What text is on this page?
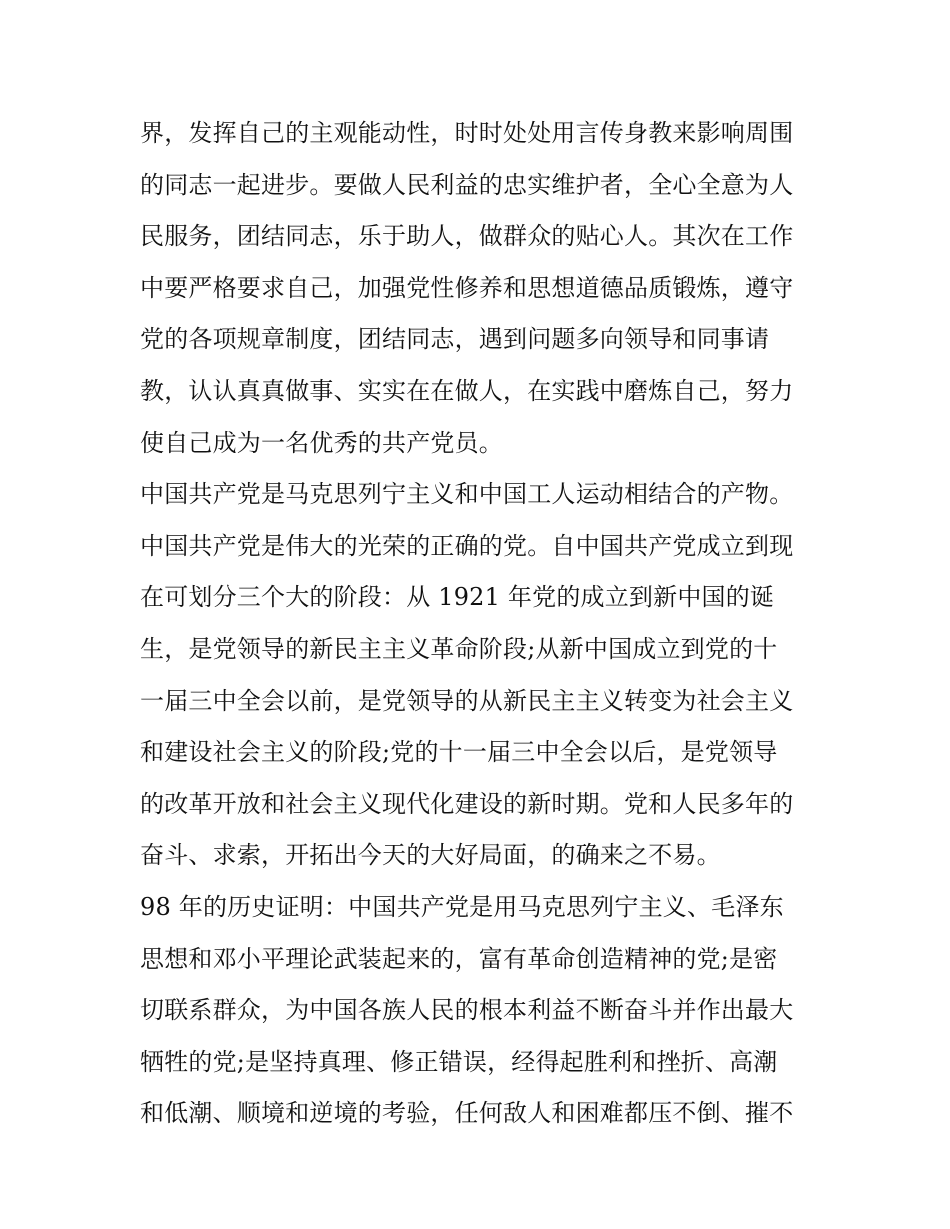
界，发挥自己的主观能动性，时时处处用言传身教来影响周围
的同志一起进步。要做人民利益的忠实维护者，全心全意为人
民服务，团结同志，乐于助人，做群众的贴心人。其次在工作
中要严格要求自己，加强党性修养和思想道德品质锻炼，遵守
党的各项规章制度，团结同志，遇到问题多向领导和同事请
教，认认真真做事、实实在在做人，在实践中磨炼自己，努力
使自己成为一名优秀的共产党员。
中国共产党是马克思列宁主义和中国工人运动相结合的产物。
中国共产党是伟大的光荣的正确的党。自中国共产党成立到现
在可划分三个大的阶段：从 1921 年党的成立到新中国的诞
生，是党领导的新民主主义革命阶段;从新中国成立到党的十
一届三中全会以前，是党领导的从新民主主义转变为社会主义
和建设社会主义的阶段;党的十一届三中全会以后，是党领导
的改革开放和社会主义现代化建设的新时期。党和人民多年的
奋斗、求索，开拓出今天的大好局面，的确来之不易。
98 年的历史证明：中国共产党是用马克思列宁主义、毛泽东
思想和邓小平理论武装起来的，富有革命创造精神的党;是密
切联系群众，为中国各族人民的根本利益不断奋斗并作出最大
牺牲的党;是坚持真理、修正错误，经得起胜利和挫折、高潮
和低潮、顺境和逆境的考验，任何敌人和困难都压不倒、摧不
